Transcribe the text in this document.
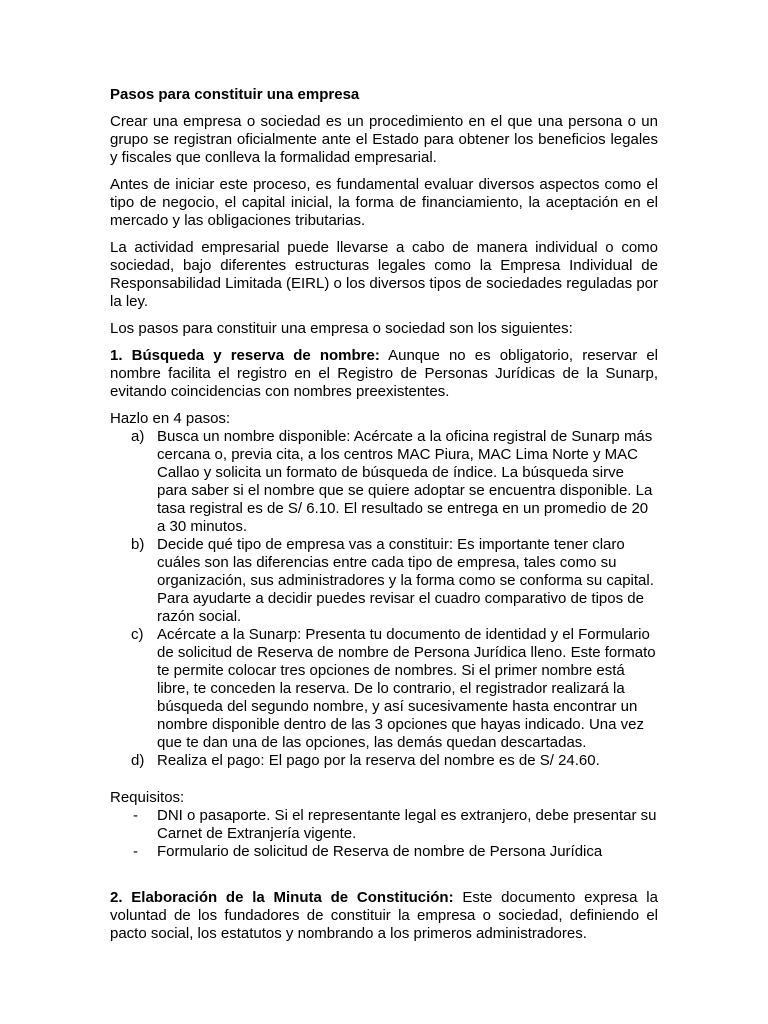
Pasos para constituir una empresa

Crear una empresa o sociedad es un procedimiento en el que una persona o un grupo se registran oficialmente ante el Estado para obtener los beneficios legales y fiscales que conlleva la formalidad empresarial.

Antes de iniciar este proceso, es fundamental evaluar diversos aspectos como el tipo de negocio, el capital inicial, la forma de financiamiento, la aceptación en el mercado y las obligaciones tributarias.

La actividad empresarial puede llevarse a cabo de manera individual o como sociedad, bajo diferentes estructuras legales como la Empresa Individual de Responsabilidad Limitada (EIRL) o los diversos tipos de sociedades reguladas por la ley.

Los pasos para constituir una empresa o sociedad son los siguientes:

1. Búsqueda y reserva de nombre: Aunque no es obligatorio, reservar el nombre facilita el registro en el Registro de Personas Jurídicas de la Sunarp, evitando coincidencias con nombres preexistentes.

Hazlo en 4 pasos:
a) Busca un nombre disponible: Acércate a la oficina registral de Sunarp más cercana o, previa cita, a los centros MAC Piura, MAC Lima Norte y MAC Callao y solicita un formato de búsqueda de índice. La búsqueda sirve para saber si el nombre que se quiere adoptar se encuentra disponible. La tasa registral es de S/ 6.10. El resultado se entrega en un promedio de 20 a 30 minutos.
b) Decide qué tipo de empresa vas a constituir: Es importante tener claro cuáles son las diferencias entre cada tipo de empresa, tales como su organización, sus administradores y la forma como se conforma su capital. Para ayudarte a decidir puedes revisar el cuadro comparativo de tipos de razón social.
c) Acércate a la Sunarp: Presenta tu documento de identidad y el Formulario de solicitud de Reserva de nombre de Persona Jurídica lleno. Este formato te permite colocar tres opciones de nombres. Si el primer nombre está libre, te conceden la reserva. De lo contrario, el registrador realizará la búsqueda del segundo nombre, y así sucesivamente hasta encontrar un nombre disponible dentro de las 3 opciones que hayas indicado. Una vez que te dan una de las opciones, las demás quedan descartadas.
d) Realiza el pago: El pago por la reserva del nombre es de S/ 24.60.
Requisitos:
- DNI o pasaporte. Si el representante legal es extranjero, debe presentar su Carnet de Extranjería vigente.
- Formulario de solicitud de Reserva de nombre de Persona Jurídica

2. Elaboración de la Minuta de Constitución: Este documento expresa la voluntad de los fundadores de constituir la empresa o sociedad, definiendo el pacto social, los estatutos y nombrando a los primeros administradores.
